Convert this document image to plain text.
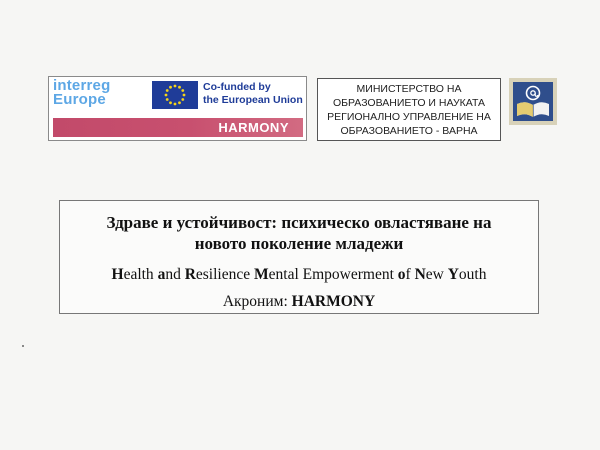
interreg
Europe
Co-funded by
the European Union
HARMONY
МИНИСТЕРСТВО НА
ОБРАЗОВАНИЕТО И НАУКАТА
РЕГИОНАЛНО УПРАВЛЕНИЕ НА
ОБРАЗОВАНИЕТО - ВАРНА
Здраве и устойчивост: психическо овластяване на
новото поколение младежи
Health and Resilience Mental Empowerment of New Youth
Акроним: HARMONY
